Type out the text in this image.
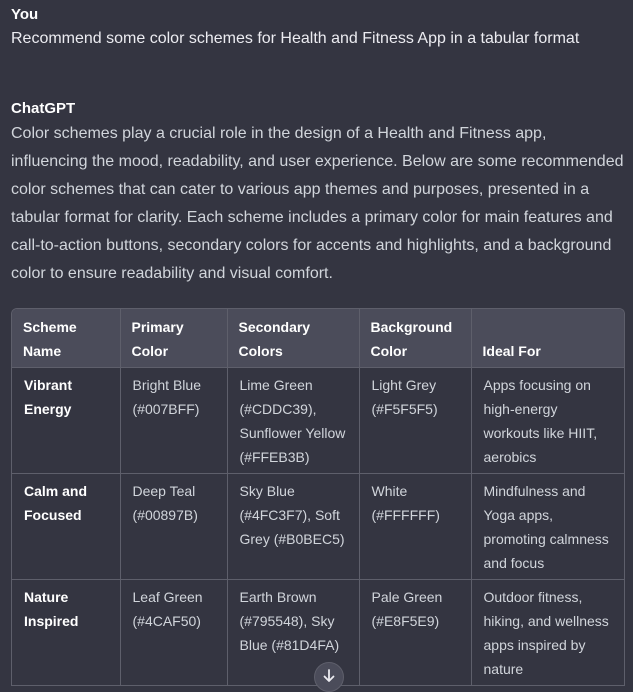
You
Recommend some color schemes for Health and Fitness App in a tabular format
ChatGPT

Color schemes play a crucial role in the design of a Health and Fitness app, influencing the mood, readability, and user experience. Below are some recommended color schemes that can cater to various app themes and purposes, presented in a tabular format for clarity. Each scheme includes a primary color for main features and call-to-action buttons, secondary colors for accents and highlights, and a background color to ensure readability and visual comfort.

Scheme Name	Primary Color	Secondary Colors	Background Color	Ideal For
Vibrant Energy	Bright Blue (#007BFF)	Lime Green (#CDDC39), Sunflower Yellow (#FFEB3B)	Light Grey (#F5F5F5)	Apps focusing on high-energy workouts like HIIT, aerobics
Calm and Focused	Deep Teal (#00897B)	Sky Blue (#4FC3F7), Soft Grey (#B0BEC5)	White (#FFFFFF)	Mindfulness and Yoga apps, promoting calmness and focus
Nature Inspired	Leaf Green (#4CAF50)	Earth Brown (#795548), Sky Blue (#81D4FA)	Pale Green (#E8F5E9)	Outdoor fitness, hiking, and wellness apps inspired by nature
